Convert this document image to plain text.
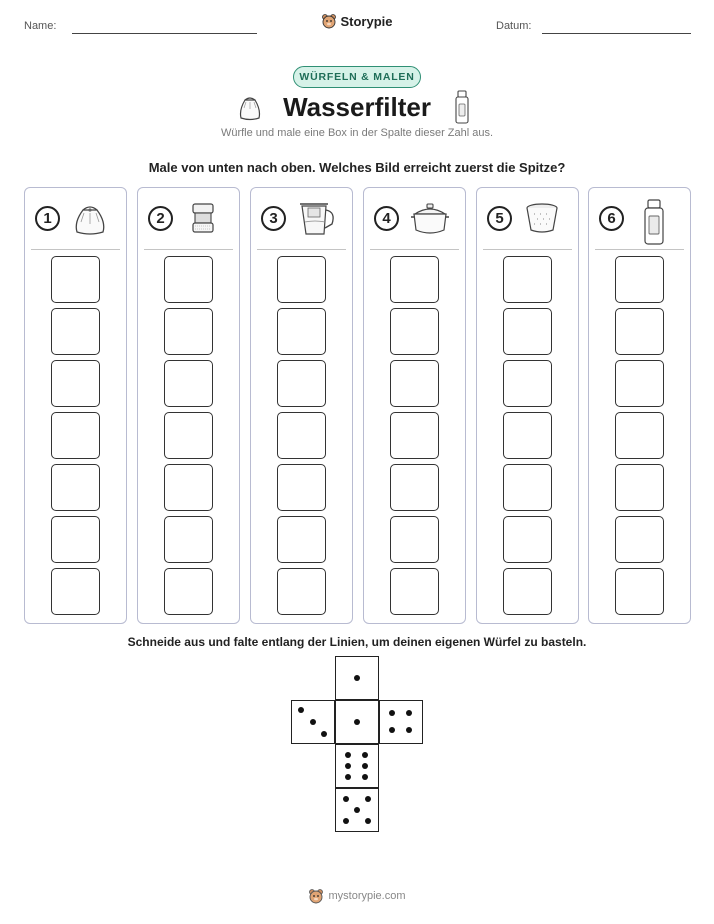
Name:	Datum:
Storypie
WÜRFELN & MALEN
Wasserfilter
Würfle und male eine Box in der Spalte dieser Zahl aus.
Male von unten nach oben. Welches Bild erreicht zuerst die Spitze?
1	2	3	4	5	6
Schneide aus und falte entlang der Linien, um deinen eigenen Würfel zu basteln.
mystorypie.com
